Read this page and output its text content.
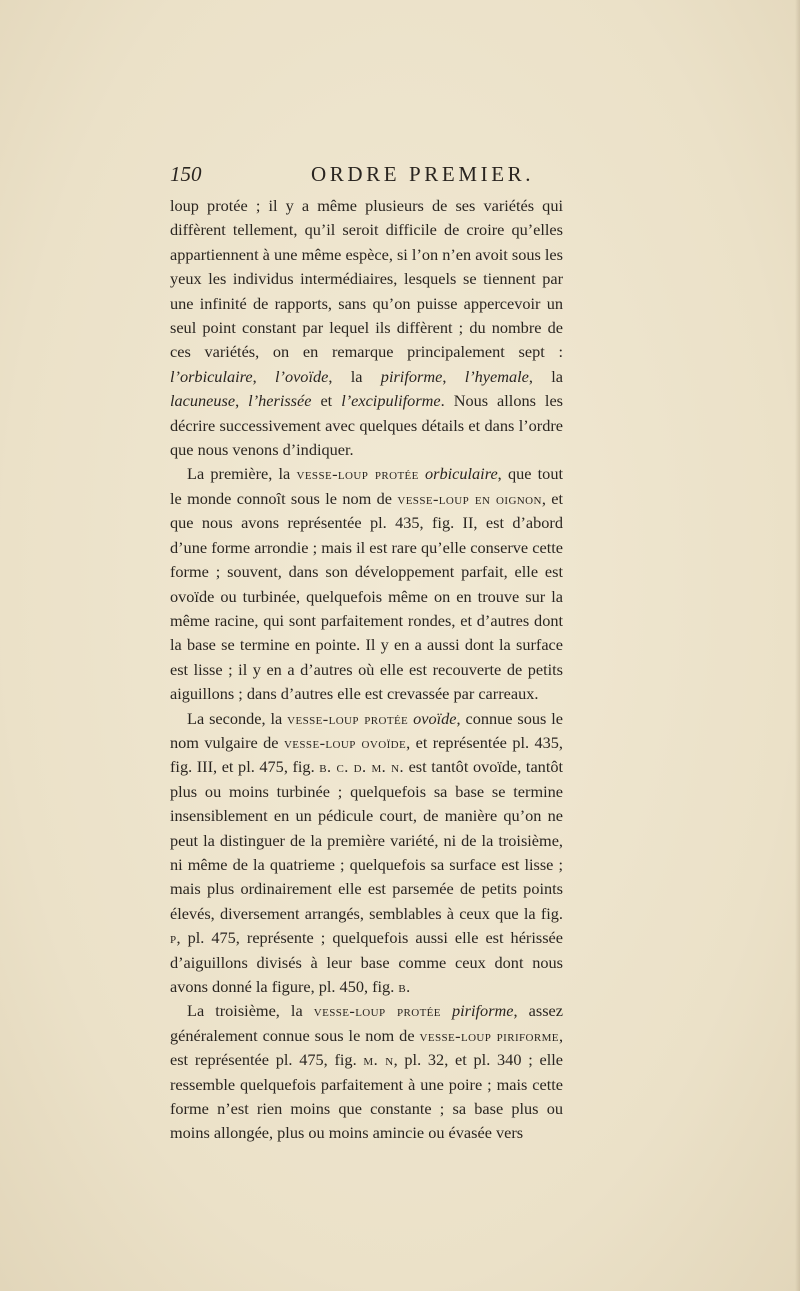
150	ORDRE PREMIER.

loup protée ; il y a même plusieurs de ses variétés qui diffèrent tellement, qu’il seroit difficile de croire qu’elles appartiennent à une même espèce, si l’on n’en avoit sous les yeux les individus intermédiaires, lesquels se tiennent par une infinité de rapports, sans qu’on puisse appercevoir un seul point constant par lequel ils diffèrent ; du nombre de ces variétés, on en remarque principalement sept : l’orbiculaire, l’ovoïde, la piriforme, l’hyemale, la lacuneuse, l’herissée et l’excipuliforme. Nous allons les décrire successivement avec quelques détails et dans l’ordre que nous venons d’indiquer.

La première, la vesse-loup protée orbiculaire, que tout le monde connoît sous le nom de vesse-loup en oignon, et que nous avons représentée pl. 435, fig. II, est d’abord d’une forme arrondie ; mais il est rare qu’elle conserve cette forme ; souvent, dans son développement parfait, elle est ovoïde ou turbinée, quelquefois même on en trouve sur la même racine, qui sont parfaitement rondes, et d’autres dont la base se termine en pointe. Il y en a aussi dont la surface est lisse ; il y en a d’autres où elle est recouverte de petits aiguillons ; dans d’autres elle est crevassée par carreaux.

La seconde, la vesse-loup protée ovoïde, connue sous le nom vulgaire de vesse-loup ovoïde, et représentée pl. 435, fig. III, et pl. 475, fig. b. c. d. m. n. est tantôt ovoïde, tantôt plus ou moins turbinée ; quelquefois sa base se termine insensiblement en un pédicule court, de manière qu’on ne peut la distinguer de la première variété, ni de la troisième, ni même de la quatrieme ; quelquefois sa surface est lisse ; mais plus ordinairement elle est parsemée de petits points élevés, diversement arrangés, semblables à ceux que la fig. p, pl. 475, représente ; quelquefois aussi elle est hérissée d’aiguillons divisés à leur base comme ceux dont nous avons donné la figure, pl. 450, fig. b.

La troisième, la vesse-loup protée piriforme, assez généralement connue sous le nom de vesse-loup piriforme, est représentée pl. 475, fig. m. n, pl. 32, et pl. 340 ; elle ressemble quelquefois parfaitement à une poire ; mais cette forme n’est rien moins que constante ; sa base plus ou moins allongée, plus ou moins amincie ou évasée vers
